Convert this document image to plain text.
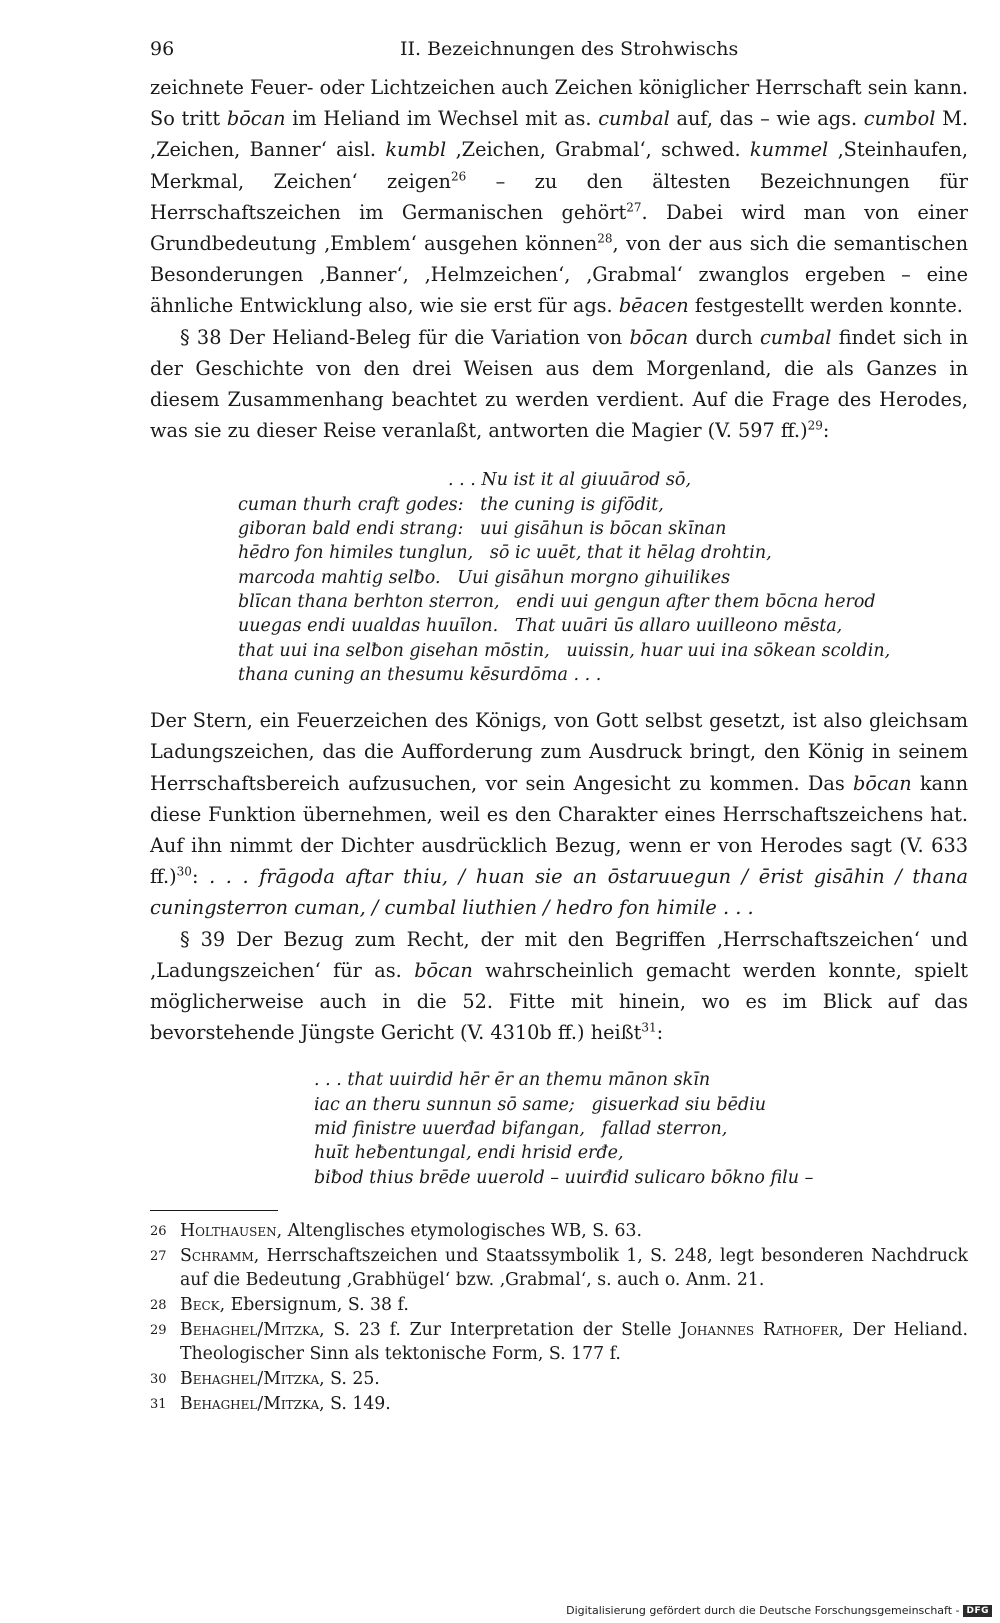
96	II. Bezeichnungen des Strohwischs

zeichnete Feuer- oder Lichtzeichen auch Zeichen königlicher Herrschaft sein kann. So tritt bōcan im Heliand im Wechsel mit as. cumbal auf, das – wie ags. cumbol M. ‚Zeichen, Banner‘ aisl. kumbl ‚Zeichen, Grabmal‘, schwed. kummel ‚Steinhaufen, Merkmal, Zeichen‘ zeigen$^{26}$ – zu den ältesten Bezeichnungen für Herrschaftszeichen im Germanischen gehört$^{27}$. Dabei wird man von einer Grundbedeutung ‚Emblem‘ ausgehen können$^{28}$, von der aus sich die semantischen Besonderungen ‚Banner‘, ‚Helmzeichen‘, ‚Grabmal‘ zwanglos ergeben – eine ähnliche Entwicklung also, wie sie erst für ags. bēacen festgestellt werden konnte.

§ 38 Der Heliand-Beleg für die Variation von bōcan durch cumbal findet sich in der Geschichte von den drei Weisen aus dem Morgenland, die als Ganzes in diesem Zusammenhang beachtet zu werden verdient. Auf die Frage des Herodes, was sie zu dieser Reise veranlaßt, antworten die Magier (V. 597 ff.)$^{29}$:

. . . Nu ist it al giuuārod sō,
cuman thurh craft godes:   the cuning is gifōdit,
giboran bald endi strang:   uui gisāhun is bōcan skīnan
hēdro fon himiles tunglun,   sō ic uuēt, that it hēlag drohtin,
marcoda mahtig selƀo.   Uui gisāhun morgno gihuilikes
blīcan thana berhton sterron,   endi uui gengun after them bōcna herod
uuegas endi uualdas huuīlon.   That uuāri ūs allaro uuilleono mēsta,
that uui ina selƀon gisehan mōstin,   uuissin, huar uui ina sōkean scoldin,
thana cuning an thesumu kēsurdōma . . .

Der Stern, ein Feuerzeichen des Königs, von Gott selbst gesetzt, ist also gleichsam Ladungszeichen, das die Aufforderung zum Ausdruck bringt, den König in seinem Herrschaftsbereich aufzusuchen, vor sein Angesicht zu kommen. Das bōcan kann diese Funktion übernehmen, weil es den Charakter eines Herrschaftszeichens hat. Auf ihn nimmt der Dichter ausdrücklich Bezug, wenn er von Herodes sagt (V. 633 ff.)$^{30}$: . . . frāgoda aftar thiu, / huan sie an ōstaruuegun / ērist gisāhin / thana cuningsterron cuman, / cumbal liuthien / hedro fon himile . . .

§ 39 Der Bezug zum Recht, der mit den Begriffen ‚Herrschaftszeichen‘ und ‚Ladungszeichen‘ für as. bōcan wahrscheinlich gemacht werden konnte, spielt möglicherweise auch in die 52. Fitte mit hinein, wo es im Blick auf das bevorstehende Jüngste Gericht (V. 4310b ff.) heißt$^{31}$:

. . . that uuirdid hēr ēr an themu mānon skīn
iac an theru sunnun sō same;   gisuerkad siu bēdiu
mid finistre uuerđad bifangan,   fallad sterron,
huīt heƀentungal, endi hrisid erđe,
biƀod thius brēde uuerold – uuirđid sulicaro bōkno filu –
26 Holthausen, Altenglisches etymologisches WB, S. 63.
27 Schramm, Herrschaftszeichen und Staatssymbolik 1, S. 248, legt besonderen Nachdruck auf die Bedeutung ‚Grabhügel‘ bzw. ‚Grabmal‘, s. auch o. Anm. 21.
28 Beck, Ebersignum, S. 38 f.
29 Behaghel/Mitzka, S. 23 f. Zur Interpretation der Stelle Johannes Rathofer, Der Heliand. Theologischer Sinn als tektonische Form, S. 177 f.
30 Behaghel/Mitzka, S. 25.
31 Behaghel/Mitzka, S. 149.
Digitalisierung gefördert durch die Deutsche Forschungsgemeinschaft - DFG
